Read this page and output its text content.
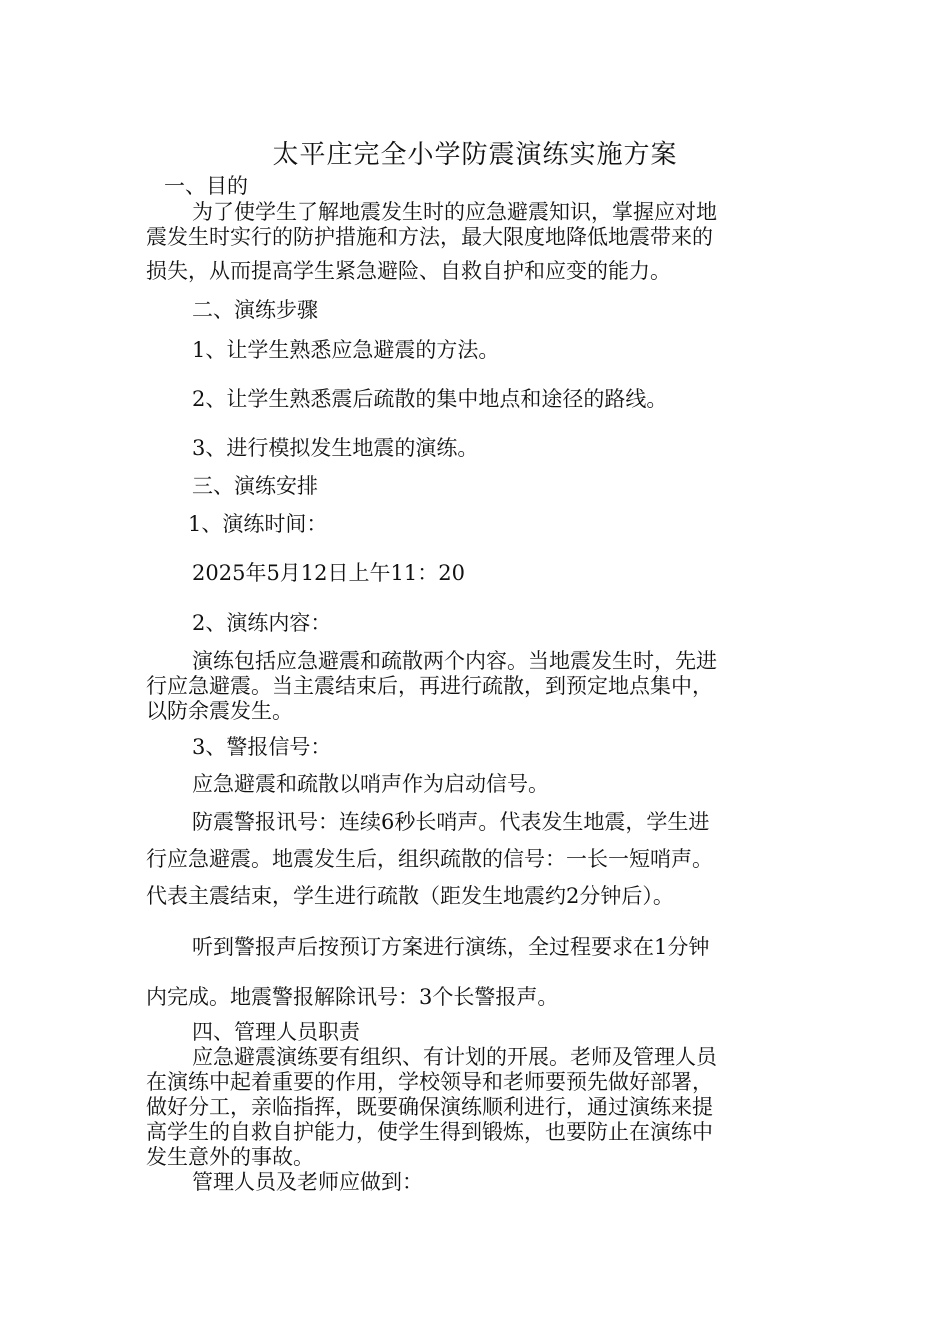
太平庄完全小学防震演练实施方案
一、目的
为了使学生了解地震发生时的应急避震知识，掌握应对地
震发生时实行的防护措施和方法，最大限度地降低地震带来的
损失，从而提高学生紧急避险、自救自护和应变的能力。
二、演练步骤
1、让学生熟悉应急避震的方法。
2、让学生熟悉震后疏散的集中地点和途径的路线。
3、进行模拟发生地震的演练。
三、演练安排
1、演练时间：
2025年5月12日上午11：20
2、演练内容：
演练包括应急避震和疏散两个内容。当地震发生时，先进
行应急避震。当主震结束后，再进行疏散，到预定地点集中，
以防余震发生。
3、警报信号：
应急避震和疏散以哨声作为启动信号。
防震警报讯号：连续6秒长哨声。代表发生地震，学生进
行应急避震。地震发生后，组织疏散的信号：一长一短哨声。
代表主震结束，学生进行疏散（距发生地震约2分钟后）。
听到警报声后按预订方案进行演练，全过程要求在1分钟
内完成。地震警报解除讯号：3个长警报声。
四、管理人员职责
应急避震演练要有组织、有计划的开展。老师及管理人员
在演练中起着重要的作用，学校领导和老师要预先做好部署，
做好分工，亲临指挥，既要确保演练顺利进行，通过演练来提
高学生的自救自护能力，使学生得到锻炼，也要防止在演练中
发生意外的事故。
管理人员及老师应做到：
